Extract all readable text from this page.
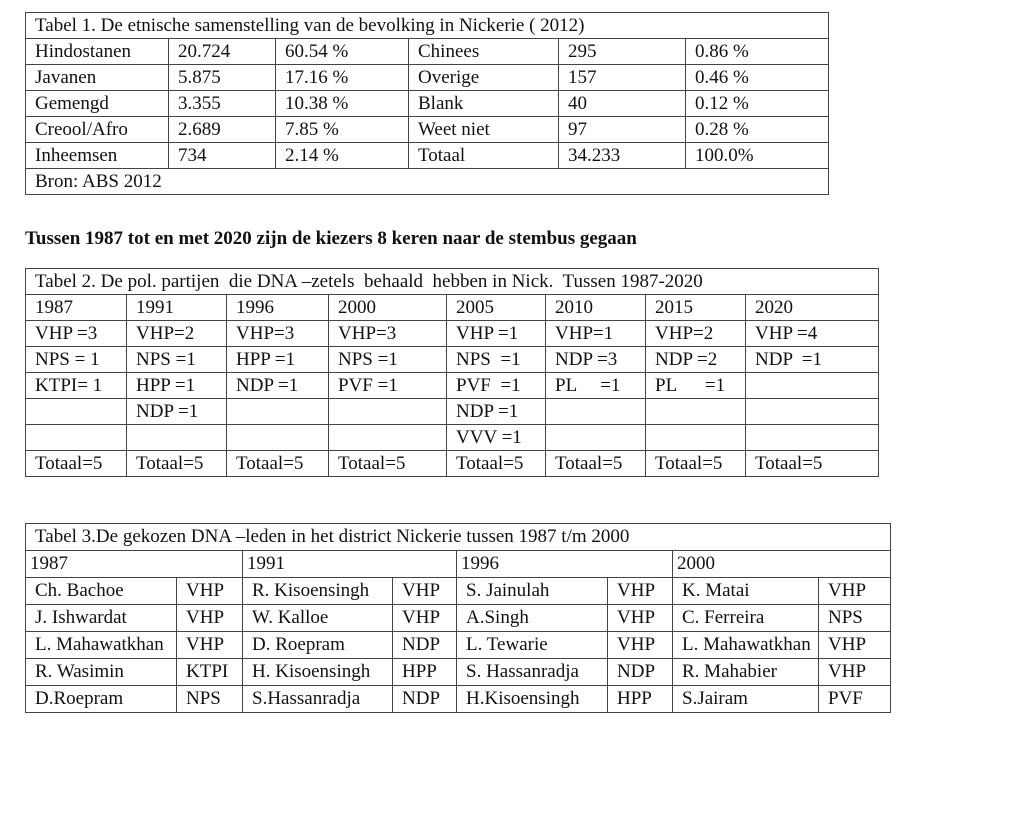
Tabel 1. De etnische samenstelling van de bevolking in Nickerie ( 2012)					
Hindostanen	20.724	60.54 %	Chinees	295	0.86 %
Javanen	5.875	17.16 %	Overige	157	0.46 %
Gemengd	3.355	10.38 %	Blank	40	0.12 %
Creool/Afro	2.689	7.85 %	Weet niet	97	0.28 %
Inheemsen	734	2.14 %	Totaal	34.233	100.0%
Bron: ABS 2012					
Tussen 1987 tot en met 2020 zijn de kiezers 8 keren naar de stembus gegaan
Tabel 2. De pol. partijen  die DNA –zetels  behaald  hebben in Nick.  Tussen 1987-2020							
1987	1991	1996	2000	2005	2010	2015	2020
VHP =3	VHP=2	VHP=3	VHP=3	VHP =1	VHP=1	VHP=2	VHP =4
NPS = 1	NPS =1	HPP =1	NPS =1	NPS  =1	NDP =3	NDP =2	NDP  =1
KTPI= 1	HPP =1	NDP =1	PVF =1	PVF  =1	PL     =1	PL      =1	
	NDP =1			NDP =1			
				VVV =1			
Totaal=5	Totaal=5	Totaal=5	Totaal=5	Totaal=5	Totaal=5	Totaal=5	Totaal=5
Tabel 3.De gekozen DNA –leden in het district Nickerie tussen 1987 t/m 2000							
1987		1991		1996		2000	
Ch. Bachoe	VHP	R. Kisoensingh	VHP	S. Jainulah	VHP	K. Matai	VHP
J. Ishwardat	VHP	W. Kalloe	VHP	A.Singh	VHP	C. Ferreira	NPS
L. Mahawatkhan	VHP	D. Roepram	NDP	L. Tewarie	VHP	L. Mahawatkhan	VHP
R. Wasimin	KTPI	H. Kisoensingh	HPP	S. Hassanradja	NDP	R. Mahabier	VHP
D.Roepram	NPS	S.Hassanradja	NDP	H.Kisoensingh	HPP	S.Jairam	PVF
